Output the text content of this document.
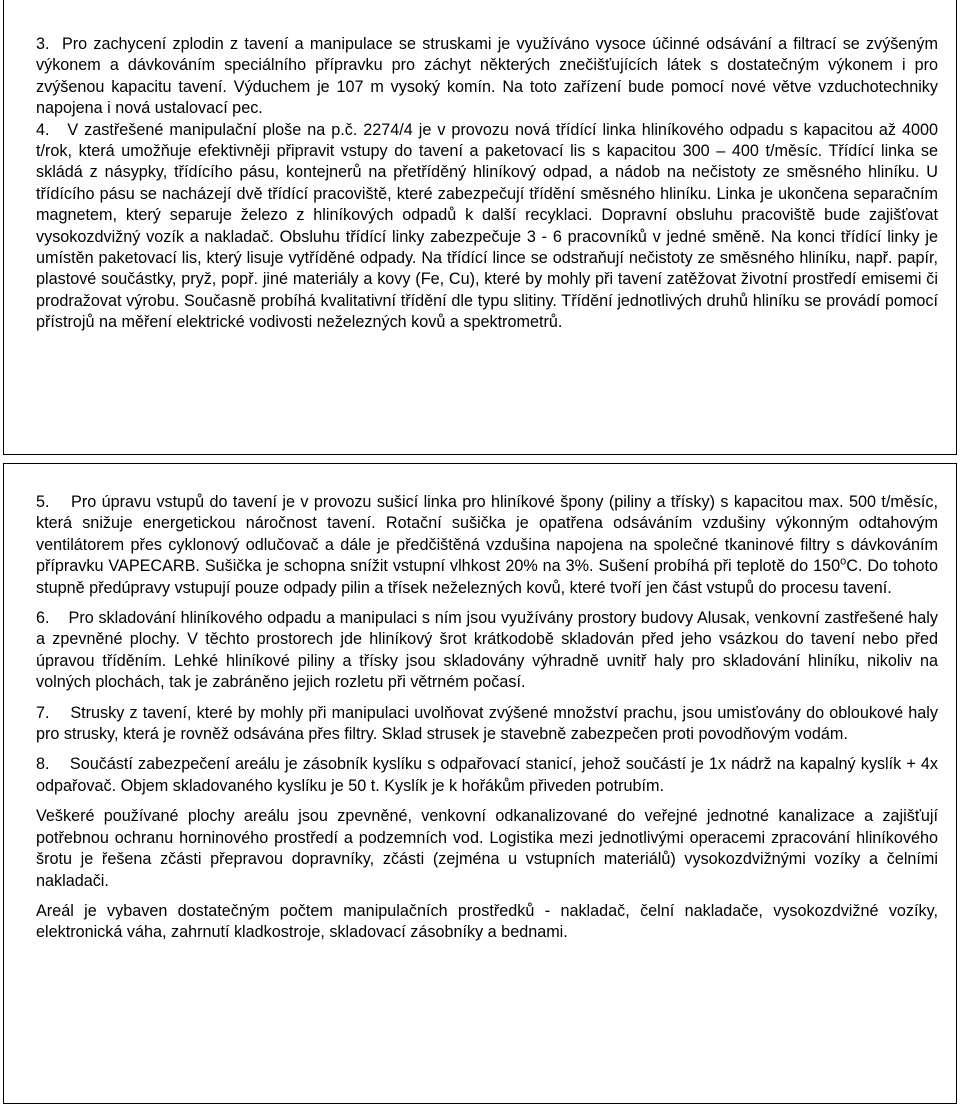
3.  Pro zachycení zplodin z tavení a manipulace se struskami je využíváno vysoce účinné odsávání a filtrací se zvýšeným výkonem a dávkováním speciálního přípravku pro záchyt některých znečišťujících látek s dostatečným výkonem i pro zvýšenou kapacitu tavení. Výduchem je 107 m vysoký komín. Na toto zařízení bude pomocí nové větve vzduchotechniky napojena i nová ustalovací pec.

4.   V zastřešené manipulační ploše na p.č. 2274/4 je v provozu nová třídící linka hliníkového odpadu s kapacitou až 4000 t/rok, která umožňuje efektivněji připravit vstupy do tavení a paketovací lis s kapacitou 300 – 400 t/měsíc. Třídící linka se skládá z násypky, třídícího pásu, kontejnerů na přetříděný hliníkový odpad, a nádob na nečistoty ze směsného hliníku. U třídícího pásu se nacházejí dvě třídící pracoviště, které zabezpečují třídění směsného hliníku. Linka je ukončena separačním magnetem, který separuje železo z hliníkových odpadů k další recyklaci. Dopravní obsluhu pracoviště bude zajišťovat vysokozdvižný vozík a nakladač. Obsluhu třídící linky zabezpečuje 3 - 6 pracovníků v jedné směně. Na konci třídící linky je umístěn paketovací lis, který lisuje vytříděné odpady. Na třídící lince se odstraňují nečistoty ze směsného hliníku, např. papír, plastové součástky, pryž, popř. jiné materiály a kovy (Fe, Cu), které by mohly při tavení zatěžovat životní prostředí emisemi či prodražovat výrobu. Současně probíhá kvalitativní třídění dle typu slitiny. Třídění jednotlivých druhů hliníku se provádí pomocí přístrojů na měření elektrické vodivosti neželezných kovů a spektrometrů.

5.    Pro úpravu vstupů do tavení je v provozu sušicí linka pro hliníkové špony (piliny a třísky) s kapacitou max. 500 t/měsíc, která snižuje energetickou náročnost tavení. Rotační sušička je opatřena odsáváním vzdušiny výkonným odtahovým ventilátorem přes cyklonový odlučovač a dále je předčištěná vzdušina napojena na společné tkaninové filtry s dávkováním přípravku VAPECARB. Sušička je schopna snížit vstupní vlhkost 20% na 3%. Sušení probíhá při teplotě do 150$^o$C. Do tohoto stupně předúpravy vstupují pouze odpady pilin a třísek neželezných kovů, které tvoří jen část vstupů do procesu tavení.

6.    Pro skladování hliníkového odpadu a manipulaci s ním jsou využívány prostory budovy Alusak, venkovní zastřešené haly a zpevněné plochy. V těchto prostorech jde hliníkový šrot krátkodobě skladován před jeho vsázkou do tavení nebo před úpravou tříděním. Lehké hliníkové piliny a třísky jsou skladovány výhradně uvnitř haly pro skladování hliníku, nikoliv na volných plochách, tak je zabráněno jejich rozletu při větrném počasí.

7.    Strusky z tavení, které by mohly při manipulaci uvolňovat zvýšené množství prachu, jsou umisťovány do obloukové haly pro strusky, která je rovněž odsávána přes filtry. Sklad strusek je stavebně zabezpečen proti povodňovým vodám.

8.    Součástí zabezpečení areálu je zásobník kyslíku s odpařovací stanicí, jehož součástí je 1x nádrž na kapalný kyslík + 4x odpařovač. Objem skladovaného kyslíku je 50 t. Kyslík je k hořákům přiveden potrubím.

Veškeré používané plochy areálu jsou zpevněné, venkovní odkanalizované do veřejné jednotné kanalizace a zajišťují potřebnou ochranu horninového prostředí a podzemních vod. Logistika mezi jednotlivými operacemi zpracování hliníkového šrotu je řešena zčásti přepravou dopravníky, zčásti (zejména u vstupních materiálů) vysokozdvižnými vozíky a čelními nakladači.

Areál je vybaven dostatečným počtem manipulačních prostředků - nakladač, čelní nakladače, vysokozdvižné vozíky, elektronická váha, zahrnutí kladkostroje, skladovací zásobníky a bednami.
